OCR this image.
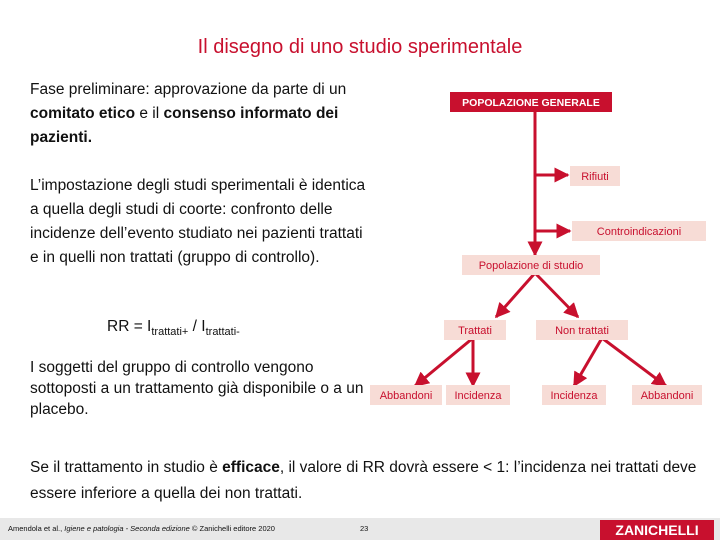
Il disegno di uno studio sperimentale
Fase preliminare: approvazione da parte di un comitato etico e il consenso informato dei pazienti.
L’impostazione degli studi sperimentali è identica a quella degli studi di coorte: confronto delle incidenze dell’evento studiato nei pazienti trattati e in quelli non trattati (gruppo di controllo).
RR = $I_{trattati+} / I_{trattati-}$
I soggetti del gruppo di controllo vengono sottoposti a un trattamento già disponibile o a un placebo.
Se il trattamento in studio è efficace, il valore di RR dovrà essere < 1: l’incidenza nei trattati deve essere inferiore a quella dei non trattati.
POPOLAZIONE GENERALE
Rifiuti
Controindicazioni
Popolazione di studio
Trattati	Non trattati
Abbandoni Incidenza	Incidenza	Abbandoni
Amendola et al., Igiene e patologia - Seconda edizione © Zanichelli editore 2020	23	ZANICHELLI
